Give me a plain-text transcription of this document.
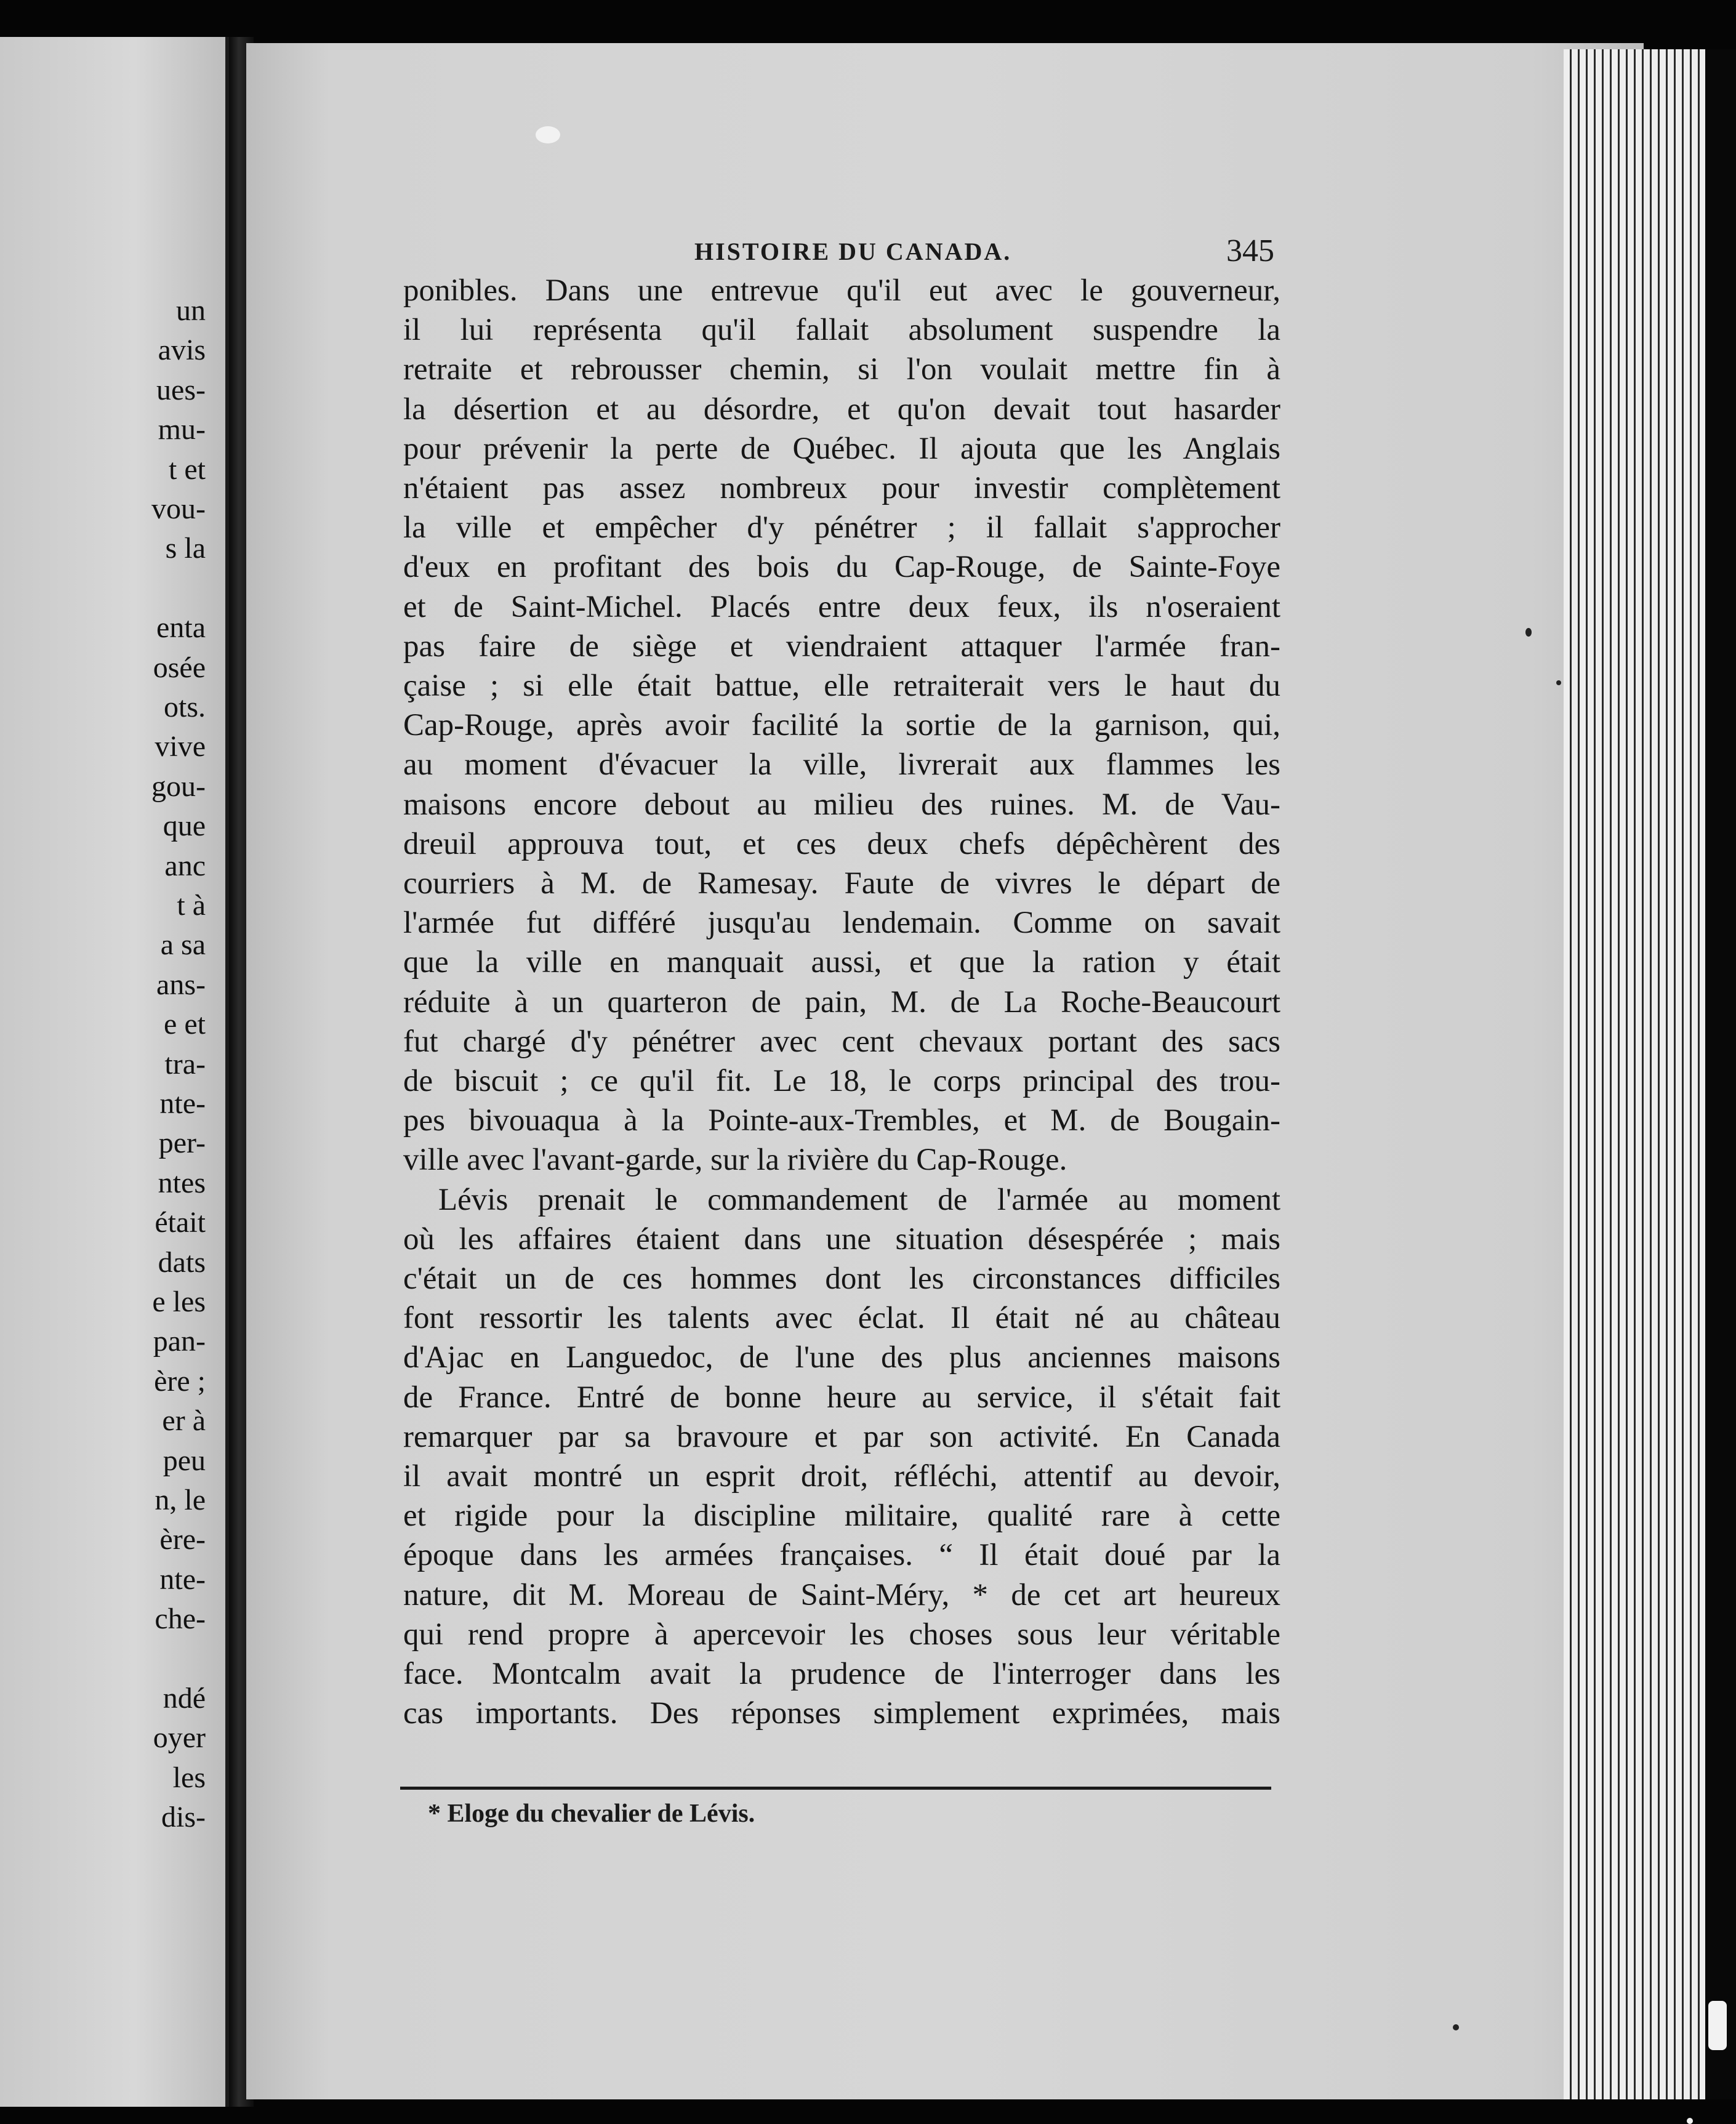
un
avis
ues-
mu-
t et
vou-
s la
enta
osée
ots.
vive
gou-
que
anc
t à
a sa
ans-
e et
tra-
nte-
per-
ntes
était
dats
e les
pan-
ère ;
er à
peu
n, le
ère-
nte-
che-
ndé
oyer
les
dis-
HISTOIRE DU CANADA.	345
ponibles. Dans une entrevue qu'il eut avec le gouverneur,
il lui représenta qu'il fallait absolument suspendre la
retraite et rebrousser chemin, si l'on voulait mettre fin à
la désertion et au désordre, et qu'on devait tout hasarder
pour prévenir la perte de Québec. Il ajouta que les Anglais
n'étaient pas assez nombreux pour investir complètement
la ville et empêcher d'y pénétrer ; il fallait s'approcher
d'eux en profitant des bois du Cap-Rouge, de Sainte-Foye
et de Saint-Michel. Placés entre deux feux, ils n'oseraient
pas faire de siège et viendraient attaquer l'armée fran-
çaise ; si elle était battue, elle retraiterait vers le haut du
Cap-Rouge, après avoir facilité la sortie de la garnison, qui,
au moment d'évacuer la ville, livrerait aux flammes les
maisons encore debout au milieu des ruines. M. de Vau-
dreuil approuva tout, et ces deux chefs dépêchèrent des
courriers à M. de Ramesay. Faute de vivres le départ de
l'armée fut différé jusqu'au lendemain. Comme on savait
que la ville en manquait aussi, et que la ration y était
réduite à un quarteron de pain, M. de La Roche-Beaucourt
fut chargé d'y pénétrer avec cent chevaux portant des sacs
de biscuit ; ce qu'il fit. Le 18, le corps principal des trou-
pes bivouaqua à la Pointe-aux-Trembles, et M. de Bougain-
ville avec l'avant-garde, sur la rivière du Cap-Rouge.
Lévis prenait le commandement de l'armée au moment
où les affaires étaient dans une situation désespérée ; mais
c'était un de ces hommes dont les circonstances difficiles
font ressortir les talents avec éclat. Il était né au château
d'Ajac en Languedoc, de l'une des plus anciennes maisons
de France. Entré de bonne heure au service, il s'était fait
remarquer par sa bravoure et par son activité. En Canada
il avait montré un esprit droit, réfléchi, attentif au devoir,
et rigide pour la discipline militaire, qualité rare à cette
époque dans les armées françaises. “ Il était doué par la
nature, dit M. Moreau de Saint-Méry, * de cet art heureux
qui rend propre à apercevoir les choses sous leur véritable
face. Montcalm avait la prudence de l'interroger dans les
cas importants. Des réponses simplement exprimées, mais
* Eloge du chevalier de Lévis.
